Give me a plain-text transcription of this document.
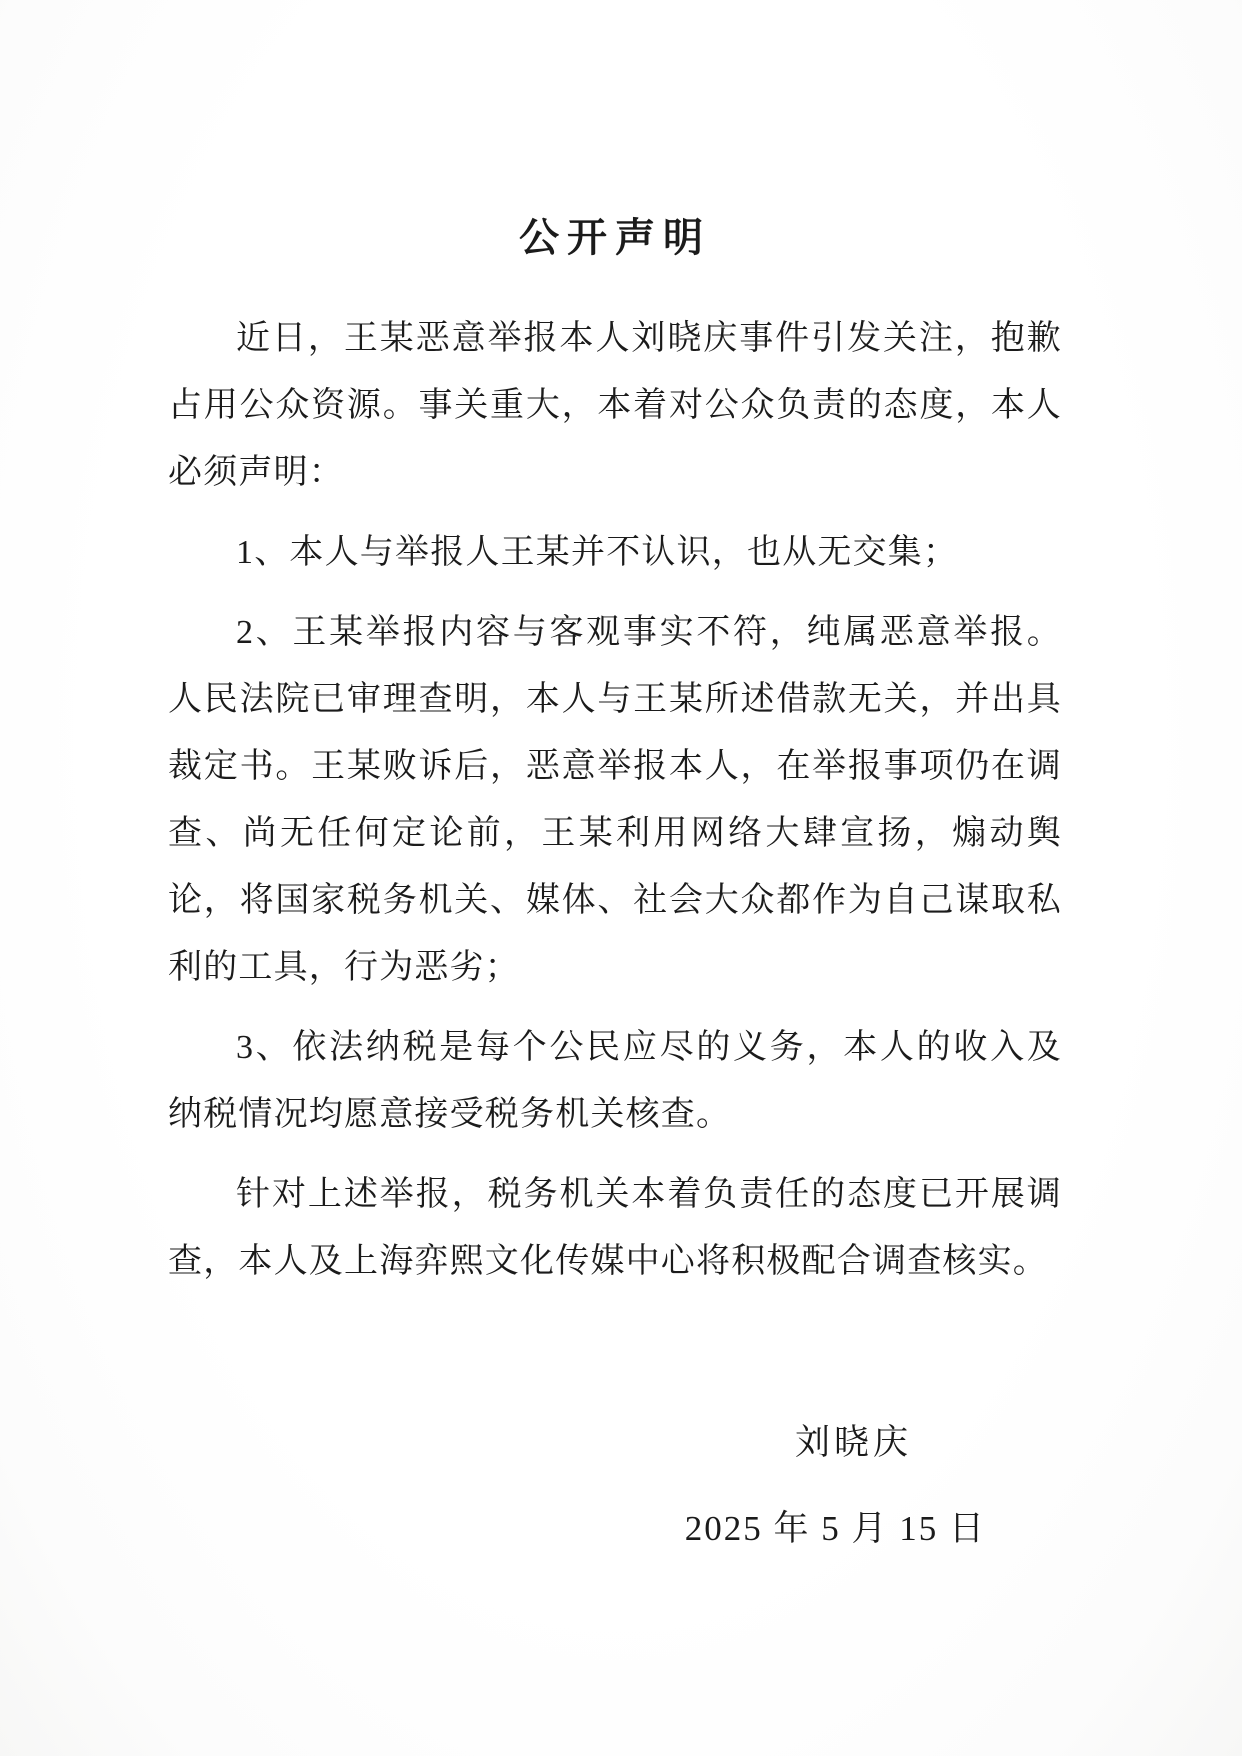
公开声明

近日，王某恶意举报本人刘晓庆事件引发关注，抱歉占用公众资源。事关重大，本着对公众负责的态度，本人必须声明：

1、本人与举报人王某并不认识，也从无交集；

2、王某举报内容与客观事实不符，纯属恶意举报。人民法院已审理查明，本人与王某所述借款无关，并出具裁定书。王某败诉后，恶意举报本人，在举报事项仍在调查、尚无任何定论前，王某利用网络大肆宣扬，煽动舆论，将国家税务机关、媒体、社会大众都作为自己谋取私利的工具，行为恶劣；

3、依法纳税是每个公民应尽的义务，本人的收入及纳税情况均愿意接受税务机关核查。

针对上述举报，税务机关本着负责任的态度已开展调查，本人及上海弈熙文化传媒中心将积极配合调查核实。

刘晓庆
2025 年 5 月 15 日
